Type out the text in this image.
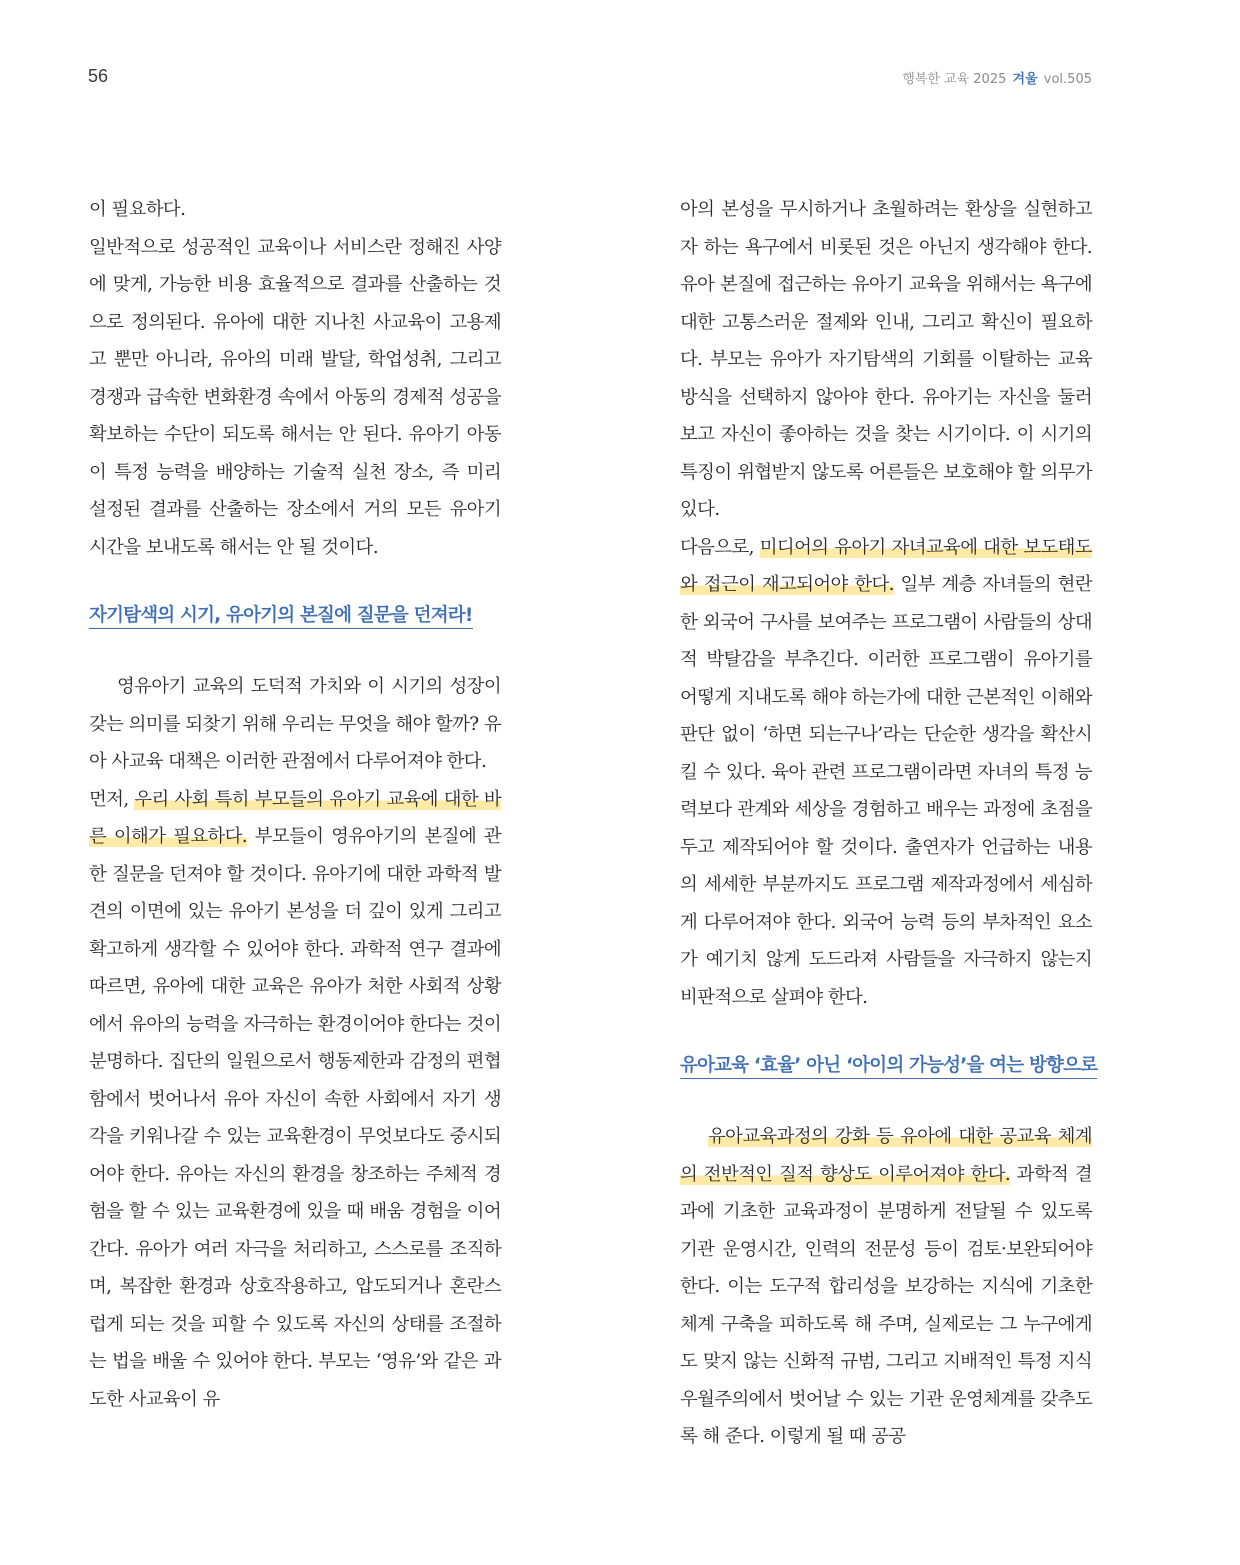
56	행복한 교육 2025 겨울 vol.505

이 필요하다.

일반적으로 성공적인 교육이나 서비스란 정해진 사양에 맞게, 가능한 비용 효율적으로 결과를 산출하는 것으로 정의된다. 유아에 대한 지나친 사교육이 고용제고 뿐만 아니라, 유아의 미래 발달, 학업성취, 그리고 경쟁과 급속한 변화환경 속에서 아동의 경제적 성공을 확보하는 수단이 되도록 해서는 안 된다. 유아기 아동이 특정 능력을 배양하는 기술적 실천 장소, 즉 미리 설정된 결과를 산출하는 장소에서 거의 모든 유아기 시간을 보내도록 해서는 안 될 것이다.

자기탐색의 시기, 유아기의 본질에 질문을 던져라!

영유아기 교육의 도덕적 가치와 이 시기의 성장이 갖는 의미를 되찾기 위해 우리는 무엇을 해야 할까? 유아 사교육 대책은 이러한 관점에서 다루어져야 한다.

먼저, 우리 사회 특히 부모들의 유아기 교육에 대한 바른 이해가 필요하다. 부모들이 영유아기의 본질에 관한 질문을 던져야 할 것이다. 유아기에 대한 과학적 발견의 이면에 있는 유아기 본성을 더 깊이 있게 그리고 확고하게 생각할 수 있어야 한다. 과학적 연구 결과에 따르면, 유아에 대한 교육은 유아가 처한 사회적 상황에서 유아의 능력을 자극하는 환경이어야 한다는 것이 분명하다. 집단의 일원으로서 행동제한과 감정의 편협함에서 벗어나서 유아 자신이 속한 사회에서 자기 생각을 키워나갈 수 있는 교육환경이 무엇보다도 중시되어야 한다. 유아는 자신의 환경을 창조하는 주체적 경험을 할 수 있는 교육환경에 있을 때 배움 경험을 이어간다. 유아가 여러 자극을 처리하고, 스스로를 조직하며, 복잡한 환경과 상호작용하고, 압도되거나 혼란스럽게 되는 것을 피할 수 있도록 자신의 상태를 조절하는 법을 배울 수 있어야 한다. 부모는 ‘영유’와 같은 과도한 사교육이 유

아의 본성을 무시하거나 초월하려는 환상을 실현하고자 하는 욕구에서 비롯된 것은 아닌지 생각해야 한다. 유아 본질에 접근하는 유아기 교육을 위해서는 욕구에 대한 고통스러운 절제와 인내, 그리고 확신이 필요하다. 부모는 유아가 자기탐색의 기회를 이탈하는 교육방식을 선택하지 않아야 한다. 유아기는 자신을 둘러보고 자신이 좋아하는 것을 찾는 시기이다. 이 시기의 특징이 위협받지 않도록 어른들은 보호해야 할 의무가 있다.

다음으로, 미디어의 유아기 자녀교육에 대한 보도태도와 접근이 재고되어야 한다. 일부 계층 자녀들의 현란한 외국어 구사를 보여주는 프로그램이 사람들의 상대적 박탈감을 부추긴다. 이러한 프로그램이 유아기를 어떻게 지내도록 해야 하는가에 대한 근본적인 이해와 판단 없이 ‘하면 되는구나’라는 단순한 생각을 확산시킬 수 있다. 육아 관련 프로그램이라면 자녀의 특정 능력보다 관계와 세상을 경험하고 배우는 과정에 초점을 두고 제작되어야 할 것이다. 출연자가 언급하는 내용의 세세한 부분까지도 프로그램 제작과정에서 세심하게 다루어져야 한다. 외국어 능력 등의 부차적인 요소가 예기치 않게 도드라져 사람들을 자극하지 않는지 비판적으로 살펴야 한다.

유아교육 ‘효율’ 아닌 ‘아이의 가능성’을 여는 방향으로

유아교육과정의 강화 등 유아에 대한 공교육 체계의 전반적인 질적 향상도 이루어져야 한다. 과학적 결과에 기초한 교육과정이 분명하게 전달될 수 있도록 기관 운영시간, 인력의 전문성 등이 검토·보완되어야 한다. 이는 도구적 합리성을 보강하는 지식에 기초한 체계 구축을 피하도록 해 주며, 실제로는 그 누구에게도 맞지 않는 신화적 규범, 그리고 지배적인 특정 지식 우월주의에서 벗어날 수 있는 기관 운영체계를 갖추도록 해 준다. 이렇게 될 때 공공
